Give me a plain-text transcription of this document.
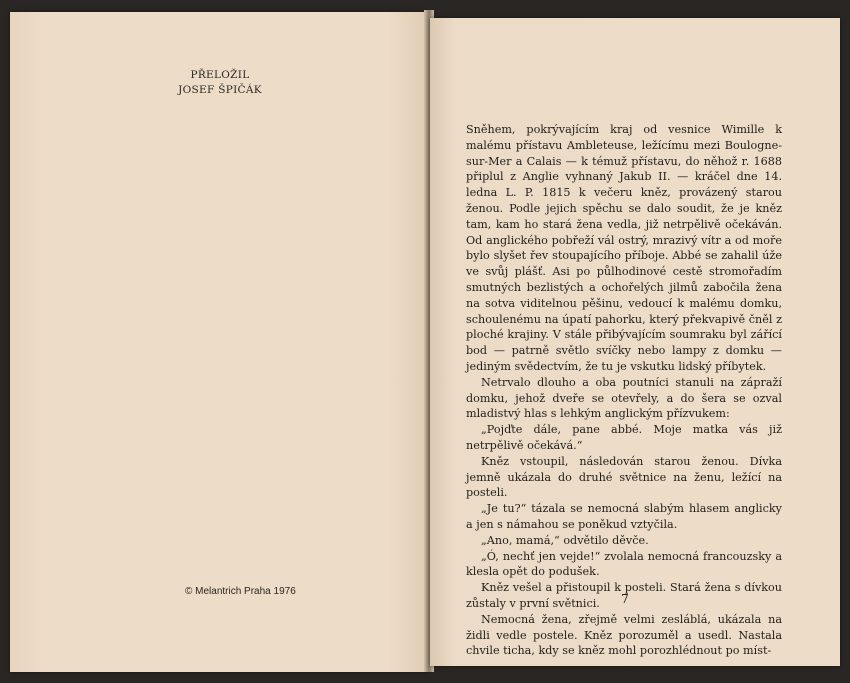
PŘELOŽIL
JOSEF ŠPIČÁK
© Melantrich Praha 1976

Sněhem, pokrývajícím kraj od vesnice Wimille k malému přístavu Ambleteuse, ležícímu mezi Boulogne-sur-Mer a Calais — k témuž přístavu, do něhož r. 1688 připlul z Anglie vyhnaný Jakub II. — kráčel dne 14. ledna L. P. 1815 k večeru kněz, provázený starou ženou. Podle jejich spěchu se dalo soudit, že je kněz tam, kam ho stará žena vedla, již netrpělivě očekáván. Od anglického pobřeží vál ostrý, mrazivý vítr a od moře bylo slyšet řev stoupajícího příboje. Abbé se zahalil úže ve svůj plášť. Asi po půlhodinové cestě stromořadím smutných bezlistých a ochořelých jilmů zabočila žena na sotva viditelnou pěšinu, vedoucí k malému domku, schoulenému na úpatí pahorku, který překvapivě čněl z ploché krajiny. V stále přibývajícím soumraku byl zářící bod — patrně světlo svíčky nebo lampy z domku — jediným svědectvím, že tu je vskutku lidský příbytek.

Netrvalo dlouho a oba poutníci stanuli na zápraží domku, jehož dveře se otevřely, a do šera se ozval mladistvý hlas s lehkým anglickým přízvukem:

„Pojďte dále, pane abbé. Moje matka vás již netrpělivě očekává.“

Kněz vstoupil, následován starou ženou. Dívka jemně ukázala do druhé světnice na ženu, ležící na posteli.

„Je tu?“ tázala se nemocná slabým hlasem anglicky a jen s námahou se poněkud vztyčila.

„Ano, mamá,“ odvětilo děvče.

„Ó, nechť jen vejde!“ zvolala nemocná francouzsky a klesla opět do podušek.

Kněz vešel a přistoupil k posteli. Stará žena s dívkou zůstaly v první světnici.

Nemocná žena, zřejmě velmi zesláblá, ukázala na židli vedle postele. Kněz porozuměl a usedl. Nastala chvile ticha, kdy se kněz mohl porozhlédnout po míst-

7
